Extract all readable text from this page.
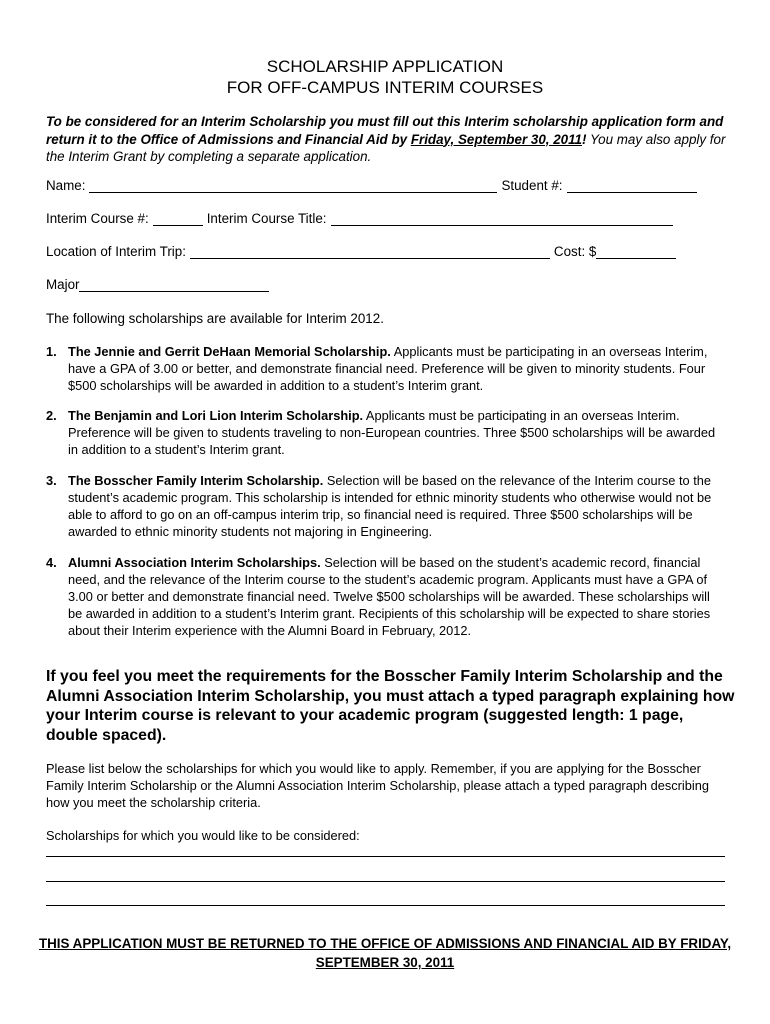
SCHOLARSHIP APPLICATION
FOR OFF-CAMPUS INTERIM COURSES
To be considered for an Interim Scholarship you must fill out this Interim scholarship application form and return it to the Office of Admissions and Financial Aid by Friday, September 30, 2011! You may also apply for the Interim Grant by completing a separate application.
Name:	Student #:
Interim Course #:	Interim Course Title:
Location of Interim Trip:	Cost: $
Major
The following scholarships are available for Interim 2012.
1. The Jennie and Gerrit DeHaan Memorial Scholarship. Applicants must be participating in an overseas Interim, have a GPA of 3.00 or better, and demonstrate financial need. Preference will be given to minority students. Four $500 scholarships will be awarded in addition to a student’s Interim grant.
2. The Benjamin and Lori Lion Interim Scholarship. Applicants must be participating in an overseas Interim. Preference will be given to students traveling to non-European countries. Three $500 scholarships will be awarded in addition to a student’s Interim grant.
3. The Bosscher Family Interim Scholarship. Selection will be based on the relevance of the Interim course to the student’s academic program. This scholarship is intended for ethnic minority students who otherwise would not be able to afford to go on an off-campus interim trip, so financial need is required. Three $500 scholarships will be awarded to ethnic minority students not majoring in Engineering.
4. Alumni Association Interim Scholarships. Selection will be based on the student’s academic record, financial need, and the relevance of the Interim course to the student’s academic program. Applicants must have a GPA of 3.00 or better and demonstrate financial need. Twelve $500 scholarships will be awarded. These scholarships will be awarded in addition to a student’s Interim grant. Recipients of this scholarship will be expected to share stories about their Interim experience with the Alumni Board in February, 2012.
If you feel you meet the requirements for the Bosscher Family Interim Scholarship and the Alumni Association Interim Scholarship, you must attach a typed paragraph explaining how your Interim course is relevant to your academic program (suggested length: 1 page, double spaced).
Please list below the scholarships for which you would like to apply. Remember, if you are applying for the Bosscher Family Interim Scholarship or the Alumni Association Interim Scholarship, please attach a typed paragraph describing how you meet the scholarship criteria.
Scholarships for which you would like to be considered:
THIS APPLICATION MUST BE RETURNED TO THE OFFICE OF ADMISSIONS AND FINANCIAL AID BY FRIDAY,
SEPTEMBER 30, 2011
